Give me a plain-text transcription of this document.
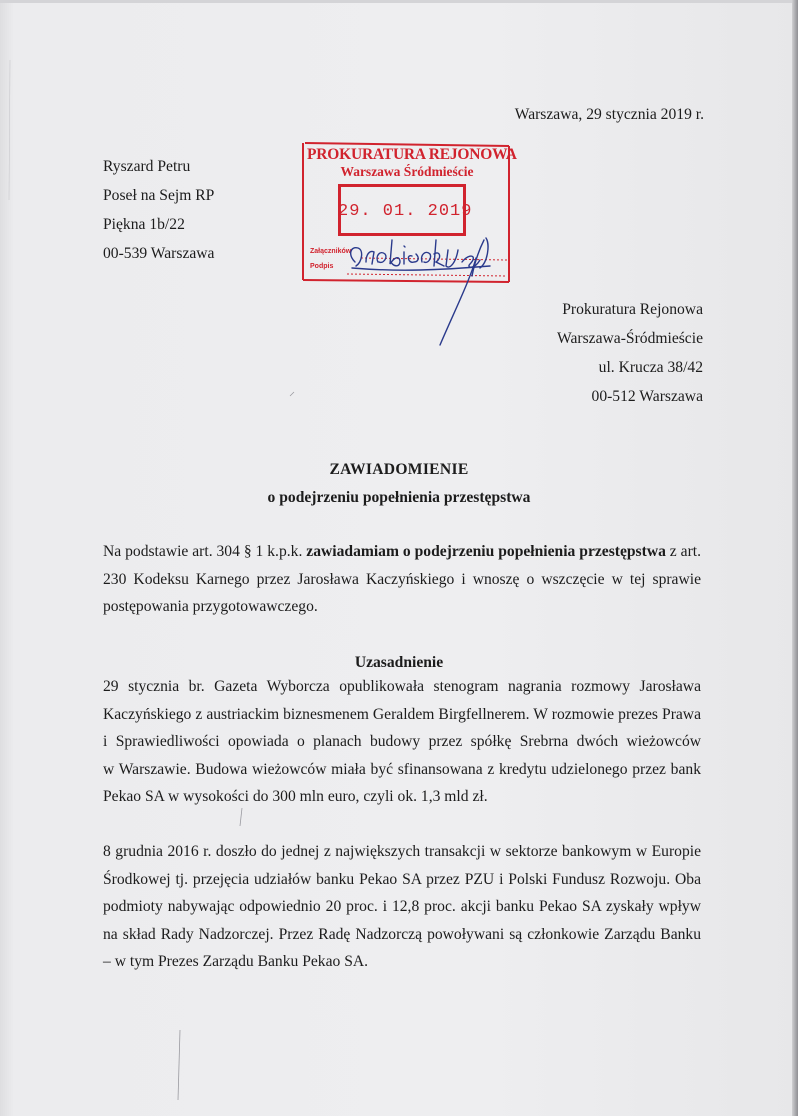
Warszawa, 29 stycznia 2019 r.

Ryszard Petru
Poseł na Sejm RP
Piękna 1b/22
00-539 Warszawa
PROKURATURA REJONOWA
Warszawa Śródmieście
29. 01. 2019
Załączników
Podpis
Prokuratura Rejonowa
Warszawa-Śródmieście
ul. Krucza 38/42
00-512 Warszawa

ZAWIADOMIENIE

o podejrzeniu popełnienia przestępstwa

Na podstawie art. 304 § 1 k.p.k. zawiadamiam o podejrzeniu popełnienia przestępstwa z art.
230 Kodeksu Karnego przez Jarosława Kaczyńskiego i wnoszę o wszczęcie w tej sprawie
postępowania przygotowawczego.

Uzasadnienie

29 stycznia br. Gazeta Wyborcza opublikowała stenogram nagrania rozmowy Jarosława
Kaczyńskiego z austriackim biznesmenem Geraldem Birgfellnerem. W rozmowie prezes Prawa
i Sprawiedliwości opowiada o planach budowy przez spółkę Srebrna dwóch wieżowców
w Warszawie. Budowa wieżowców miała być sfinansowana z kredytu udzielonego przez bank
Pekao SA w wysokości do 300 mln euro, czyli ok. 1,3 mld zł.
8 grudnia 2016 r. doszło do jednej z największych transakcji w sektorze bankowym w Europie
Środkowej tj. przejęcia udziałów banku Pekao SA przez PZU i Polski Fundusz Rozwoju. Oba
podmioty nabywając odpowiednio 20 proc. i 12,8 proc. akcji banku Pekao SA zyskały wpływ
na skład Rady Nadzorczej. Przez Radę Nadzorczą powoływani są członkowie Zarządu Banku
– w tym Prezes Zarządu Banku Pekao SA.
